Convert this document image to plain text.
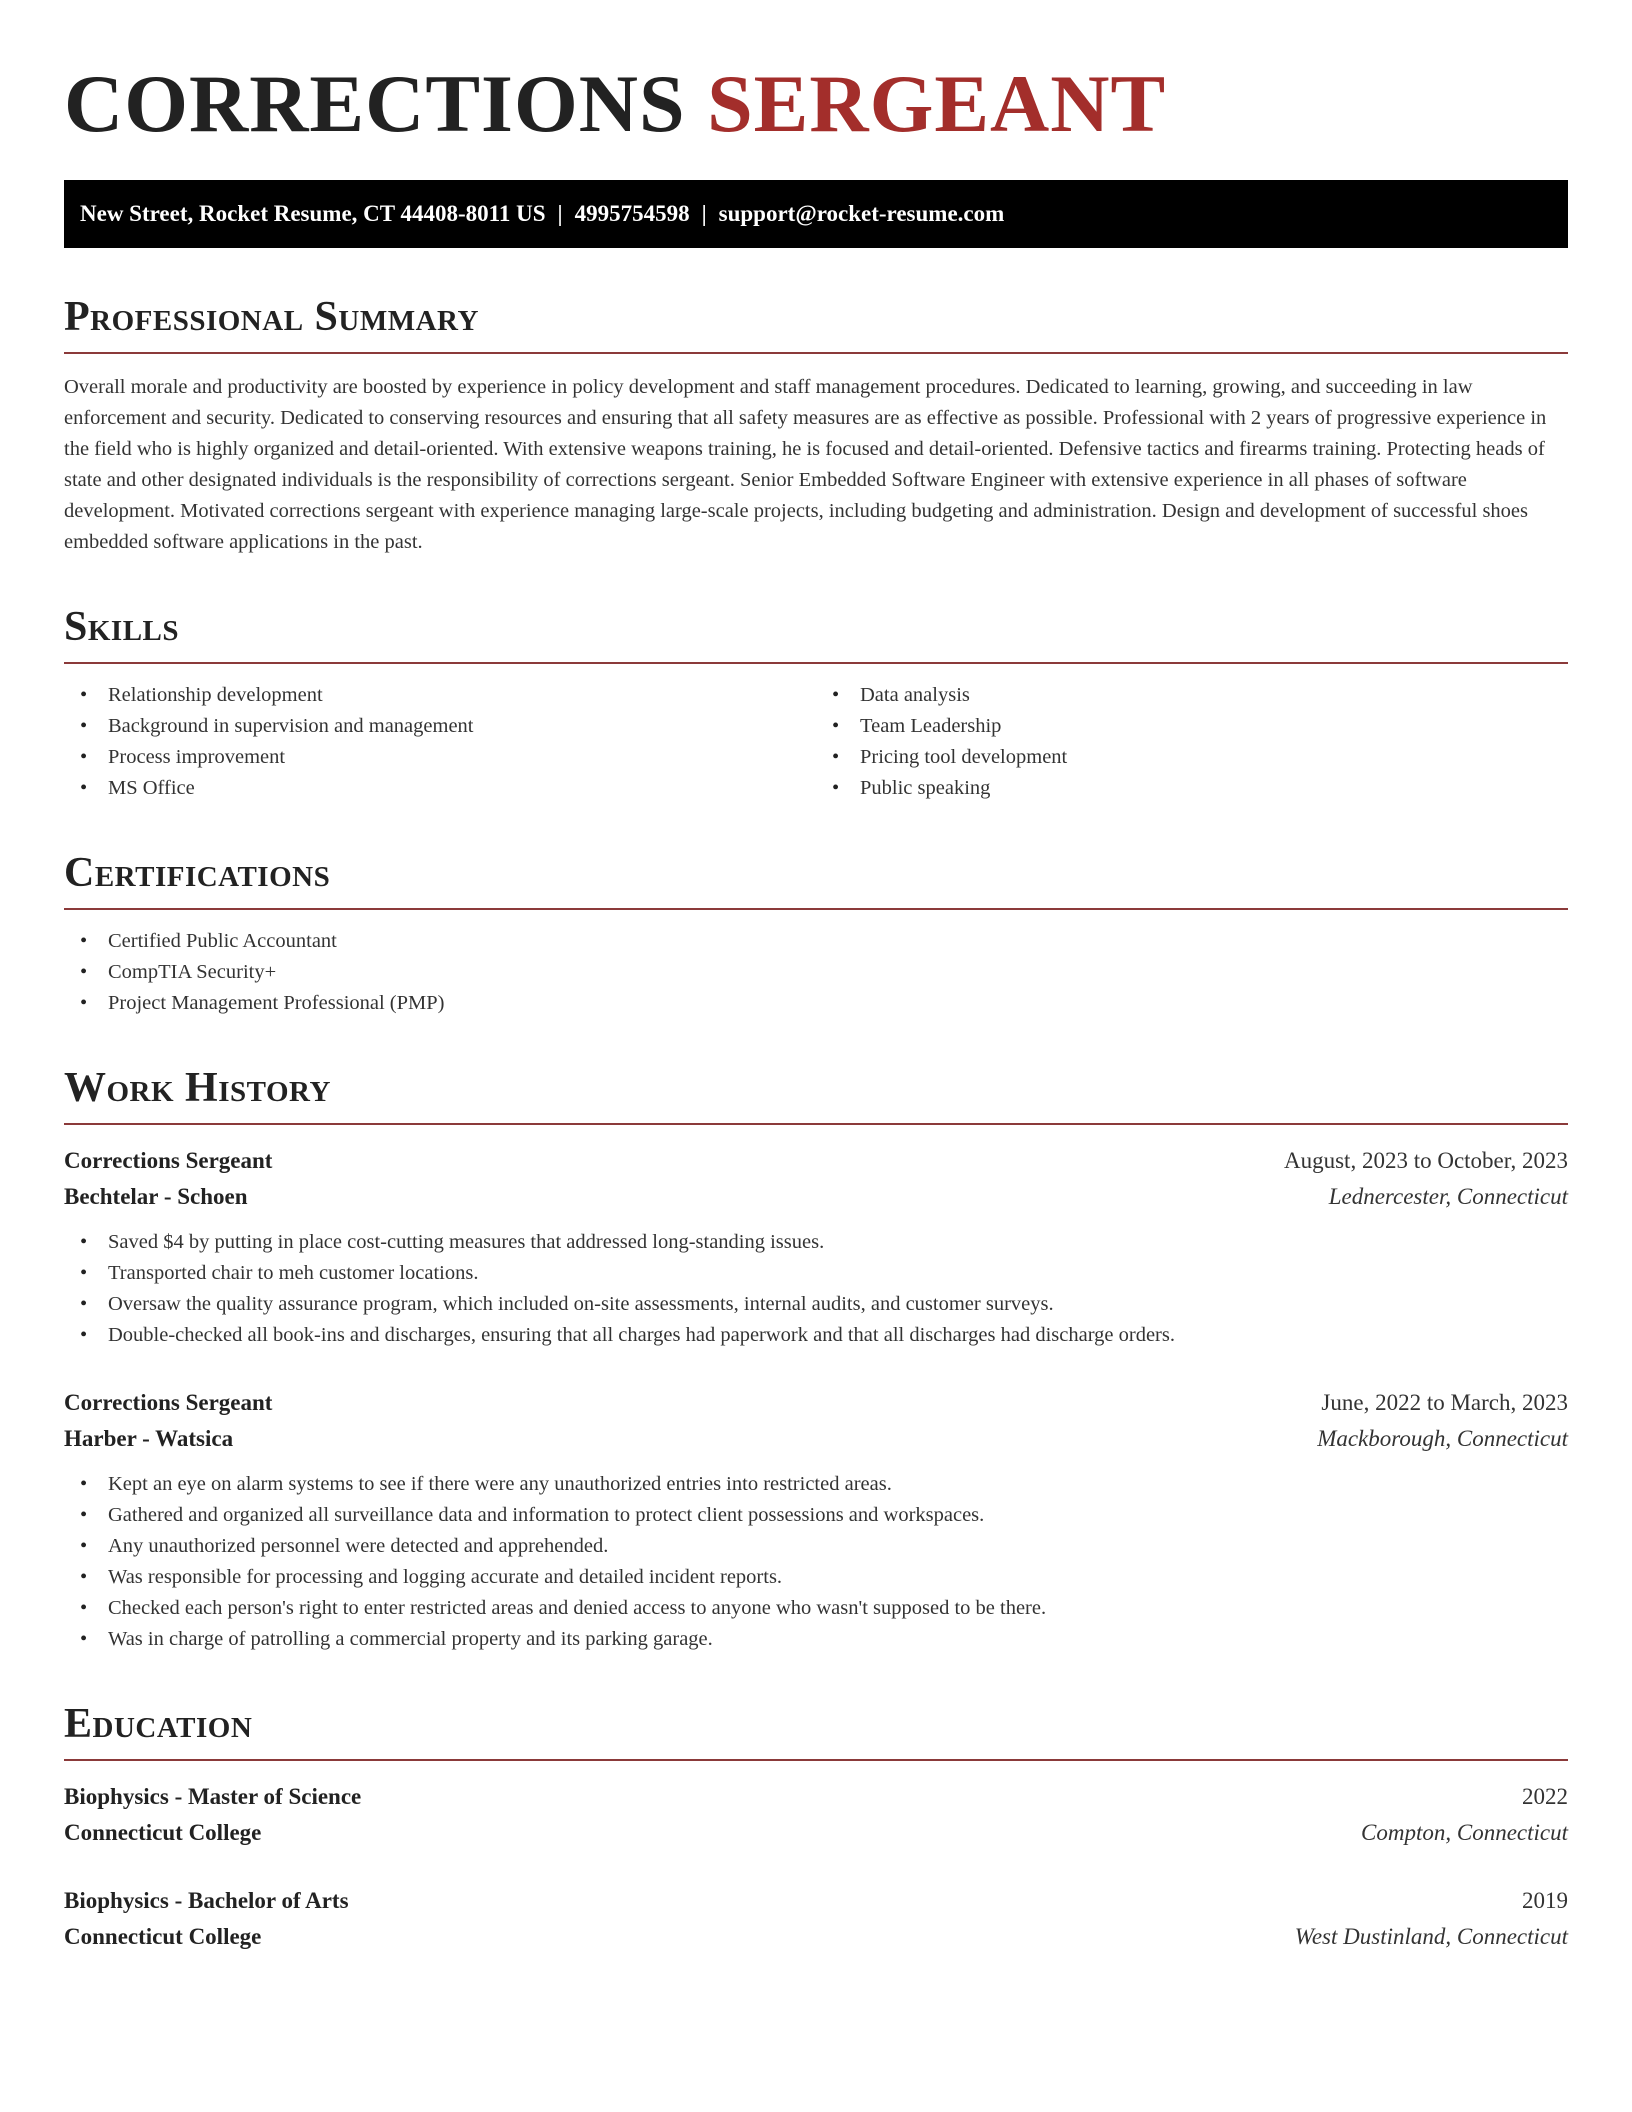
CORRECTIONS SERGEANT
New Street, Rocket Resume, CT 44408-8011 US | 4995754598 | support@rocket-resume.com
Professional Summary

Overall morale and productivity are boosted by experience in policy development and staff management procedures. Dedicated to learning, growing, and succeeding in law enforcement and security. Dedicated to conserving resources and ensuring that all safety measures are as effective as possible. Professional with 2 years of progressive experience in the field who is highly organized and detail-oriented. With extensive weapons training, he is focused and detail-oriented. Defensive tactics and firearms training. Protecting heads of state and other designated individuals is the responsibility of corrections sergeant. Senior Embedded Software Engineer with extensive experience in all phases of software development. Motivated corrections sergeant with experience managing large-scale projects, including budgeting and administration. Design and development of successful shoes embedded software applications in the past.

Skills
• Relationship development
• Background in supervision and management
• Process improvement
• MS Office
• Data analysis
• Team Leadership
• Pricing tool development
• Public speaking
Certifications
• Certified Public Accountant
• CompTIA Security+
• Project Management Professional (PMP)
Work History
Corrections Sergeant	August, 2023 to October, 2023
Bechtelar - Schoen	Lednercester, Connecticut
• Saved $4 by putting in place cost-cutting measures that addressed long-standing issues.
• Transported chair to meh customer locations.
• Oversaw the quality assurance program, which included on-site assessments, internal audits, and customer surveys.
• Double-checked all book-ins and discharges, ensuring that all charges had paperwork and that all discharges had discharge orders.
Corrections Sergeant	June, 2022 to March, 2023
Harber - Watsica	Mackborough, Connecticut
• Kept an eye on alarm systems to see if there were any unauthorized entries into restricted areas.
• Gathered and organized all surveillance data and information to protect client possessions and workspaces.
• Any unauthorized personnel were detected and apprehended.
• Was responsible for processing and logging accurate and detailed incident reports.
• Checked each person's right to enter restricted areas and denied access to anyone who wasn't supposed to be there.
• Was in charge of patrolling a commercial property and its parking garage.
Education
Biophysics - Master of Science	2022
Connecticut College	Compton, Connecticut
Biophysics - Bachelor of Arts	2019
Connecticut College	West Dustinland, Connecticut
